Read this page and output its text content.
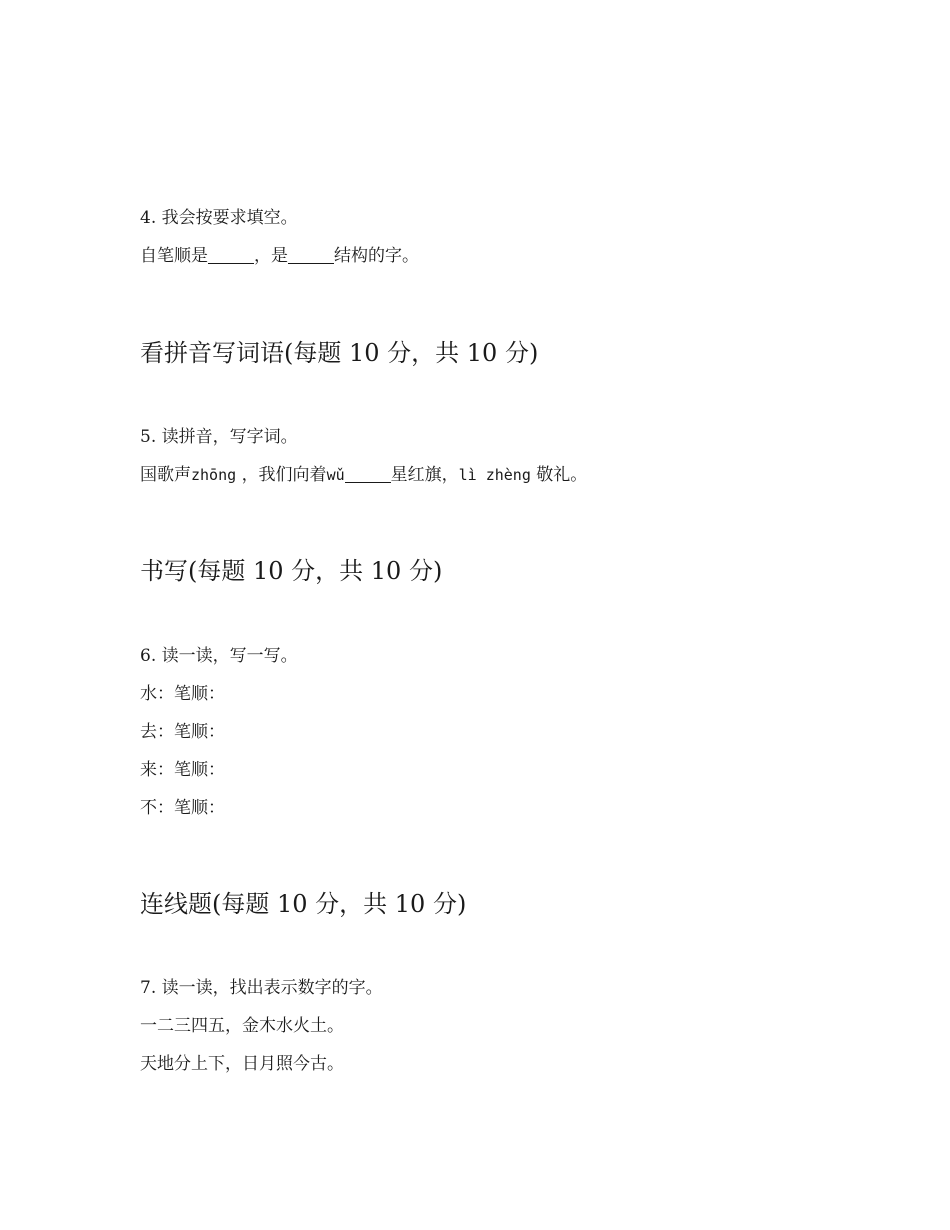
4. 我会按要求填空。
自笔顺是	，是	结构的字。
看拼音写词语(每题 10 分，共 10 分)
5. 读拼音，写字词。
国歌声zhōng ，我们向着wǔ	星红旗，lì zhèng 敬礼。
书写(每题 10 分，共 10 分)
6. 读一读，写一写。
水：笔顺：
去：笔顺：
来：笔顺：
不：笔顺：
连线题(每题 10 分，共 10 分)
7. 读一读，找出表示数字的字。
一二三四五，金木水火土。
天地分上下，日月照今古。
